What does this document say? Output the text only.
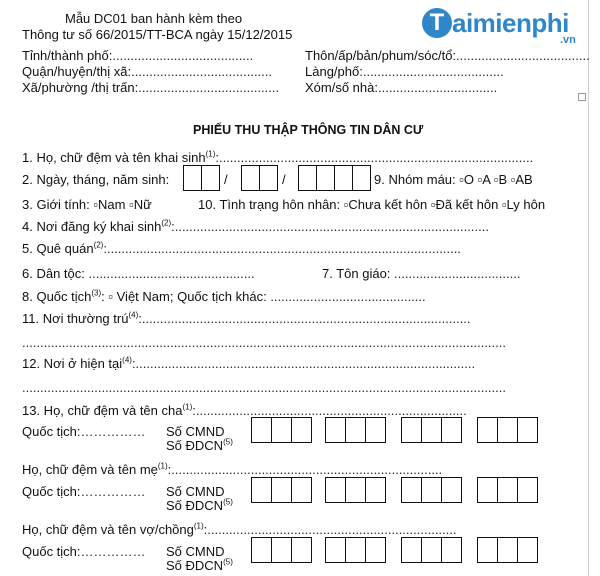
T aimienphi
.vn
Mẫu DC01 ban hành kèm theo
Thông tư số 66/2015/TT-BCA ngày 15/12/2015
Tỉnh/thành phố:.......................................
Quận/huyện/thị xã:.......................................
Xã/phường /thị trấn:.......................................
Thôn/ấp/bản/phum/sóc/tổ:.....................................
Làng/phố:.......................................
Xóm/số nhà:.................................
PHIẾU THU THẬP THÔNG TIN DÂN CƯ
1. Họ, chữ đệm và tên khai $\sinh^{(1)}$:.......................................................................................
2. Ngày, tháng, năm sinh:	/	/	9. Nhóm máu: ▫O ▫A ▫B ▫AB
3. Giới tính: ▫Nam ▫Nữ	10. Tình trạng hôn nhân: ▫Chưa kết hôn ▫Đã kết hôn ▫Ly hôn
4. Nơi đăng ký khai $\sinh^{(2)}$:.......................................................................................
5. Quê quán$^{(2)}$:..................................................................................................
6. Dân tộc: ..............................................	7. Tôn giáo: ...................................
8. Quốc tịch$^{(3)}$: ▫ Việt Nam; Quốc tịch khác: ...........................................
11. Nơi thường trú$^{(4)}$:...........................................................................................
......................................................................................................................................
12. Nơi ở hiện tại$^{(4)}$:..............................................................................................
......................................................................................................................................
13. Họ, chữ đệm và tên cha$^{(1)}$:...........................................................................
Quốc tịch:…………… Số CMND
Số ĐDCN$^{(5)}$
Họ, chữ đệm và tên mẹ$^{(1)}$:...........................................................................
Quốc tịch:…………… Số CMND
Số ĐDCN$^{(5)}$
Họ, chữ đệm và tên vợ/chồng$^{(1)}$:.....................................................................
Quốc tịch:…………… Số CMND
Số ĐDCN$^{(5)}$
